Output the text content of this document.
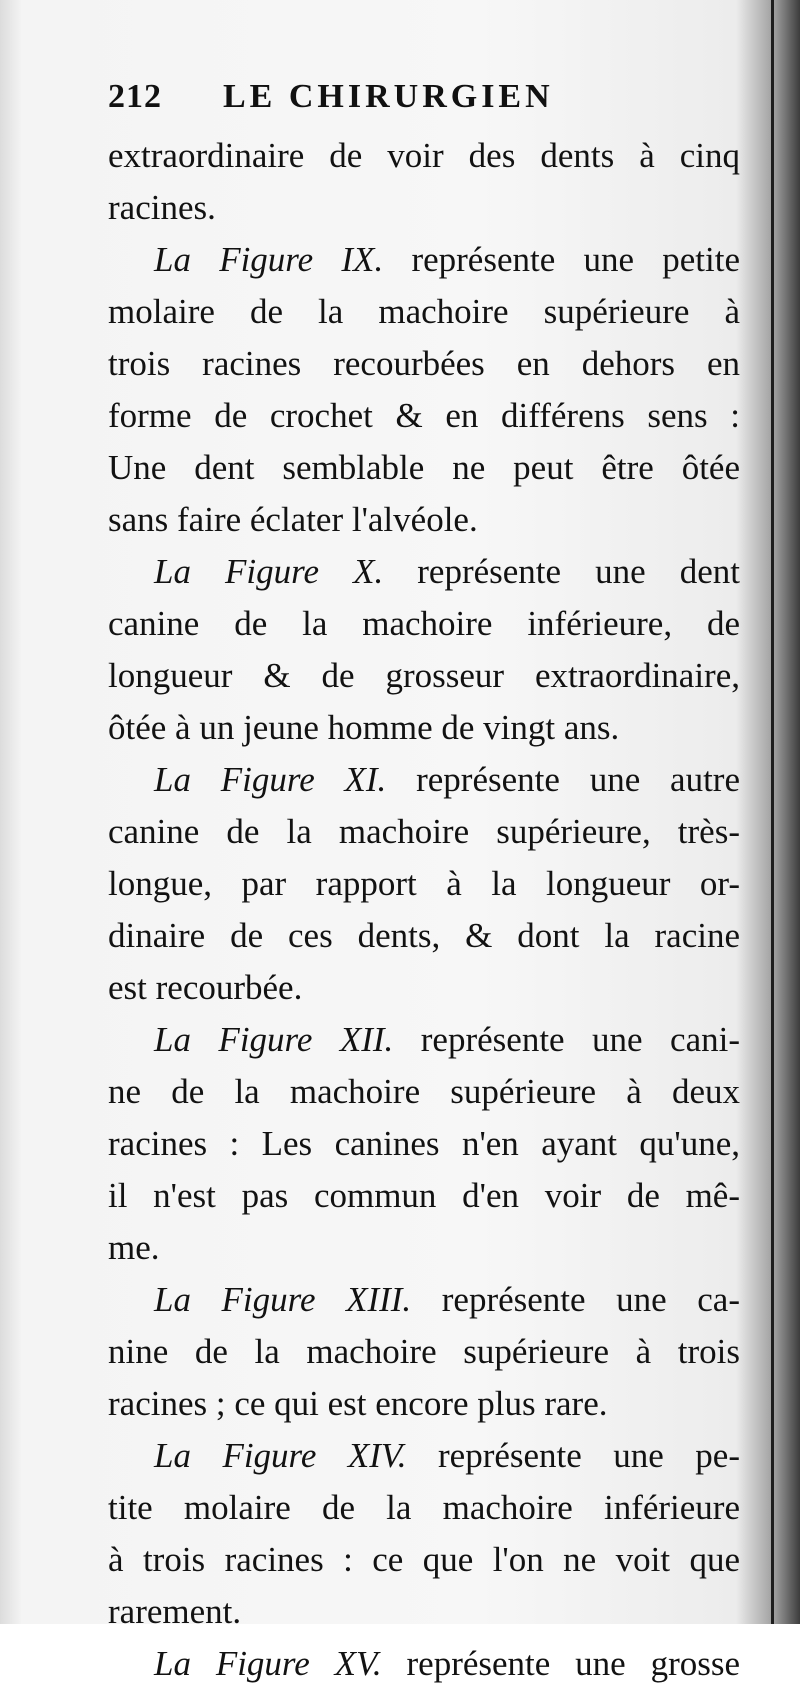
212 LE CHIRURGIEN
extraordinaire de voir des dents à cinq
racines.
La Figure IX. représente une petite
molaire de la machoire supérieure à
trois racines recourbées en dehors en
forme de crochet & en différens sens :
Une dent semblable ne peut être ôtée
sans faire éclater l'alvéole.
La Figure X. représente une dent
canine de la machoire inférieure, de
longueur & de grosseur extraordinaire,
ôtée à un jeune homme de vingt ans.
La Figure XI. représente une autre
canine de la machoire supérieure, très-
longue, par rapport à la longueur or-
dinaire de ces dents, & dont la racine
est recourbée.
La Figure XII. représente une cani-
ne de la machoire supérieure à deux
racines : Les canines n'en ayant qu'une,
il n'est pas commun d'en voir de mê-
me.
La Figure XIII. représente une ca-
nine de la machoire supérieure à trois
racines ; ce qui est encore plus rare.
La Figure XIV. représente une pe-
tite molaire de la machoire inférieure
à trois racines : ce que l'on ne voit que
rarement.
La Figure XV. représente une grosse
